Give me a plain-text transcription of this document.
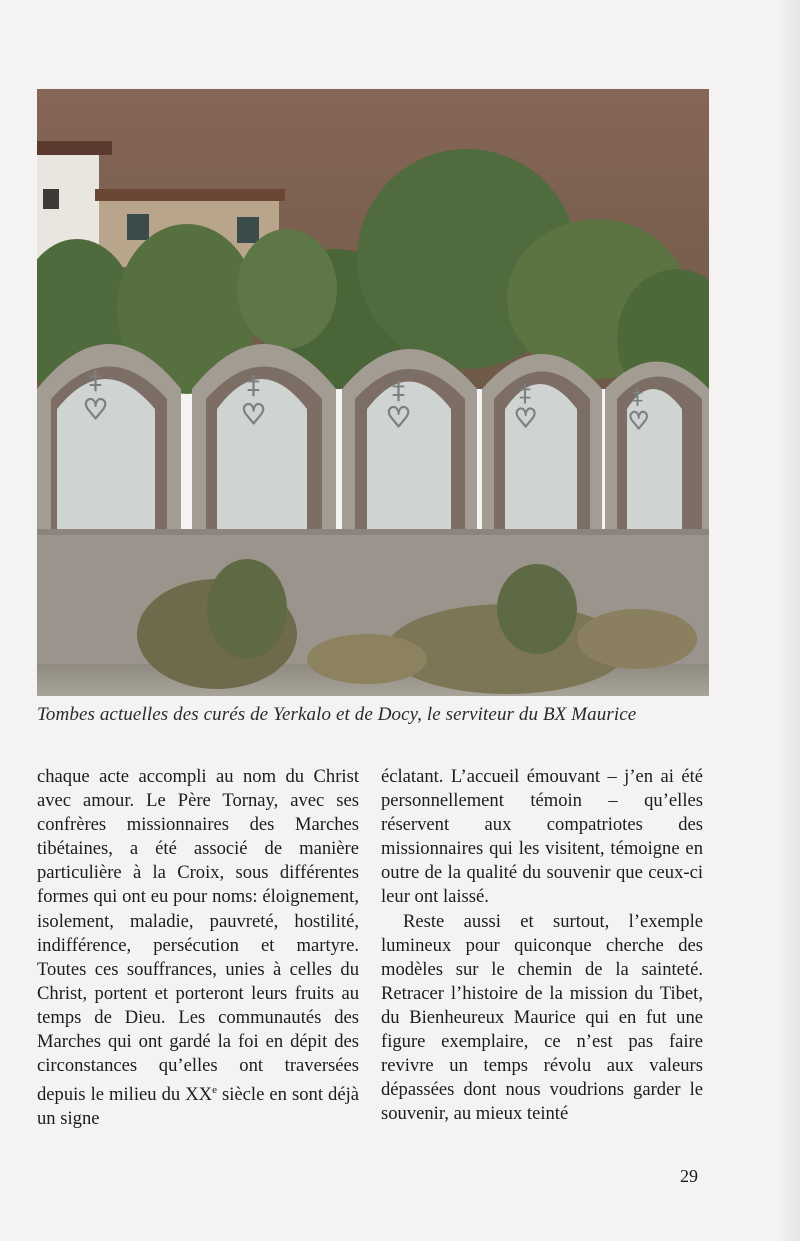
‡
♡
‡
♡
‡
♡
‡
♡
‡
♡
Tombes actuelles des curés de Yerkalo et de Docy, le serviteur du BX Maurice

chaque acte accompli au nom du Christ avec amour. Le Père Tornay, avec ses confrères missionnaires des Marches tibétaines, a été associé de manière particulière à la Croix, sous différentes formes qui ont eu pour noms: éloignement, isolement, maladie, pauvreté, hostilité, indifférence, persécution et martyre. Toutes ces souffrances, unies à celles du Christ, portent et porteront leurs fruits au temps de Dieu. Les communautés des Marches qui ont gardé la foi en dépit des circonstances qu’elles ont traversées depuis le milieu du XXe siècle en sont déjà un signe

éclatant. L’accueil émouvant – j’en ai été personnellement témoin – qu’elles réservent aux compatriotes des missionnaires qui les visitent, témoigne en outre de la qualité du souvenir que ceux-ci leur ont laissé.

Reste aussi et surtout, l’exemple lumineux pour quiconque cherche des modèles sur le chemin de la sainteté. Retracer l’histoire de la mission du Tibet, du Bienheureux Maurice qui en fut une figure exemplaire, ce n’est pas faire revivre un temps révolu aux valeurs dépassées dont nous voudrions garder le souvenir, au mieux teinté

29
